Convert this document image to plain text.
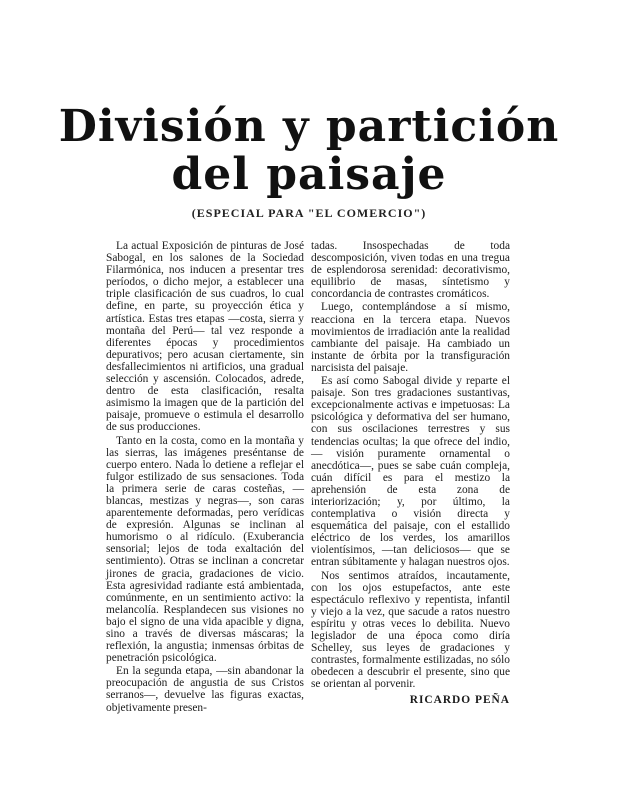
División y partición
del paisaje
(ESPECIAL PARA "EL COMERCIO")

La actual Exposición de pinturas de José Sabogal, en los salones de la Sociedad Filarmónica, nos inducen a presentar tres períodos, o dicho mejor, a establecer una triple clasificación de sus cuadros, lo cual define, en parte, su proyección ética y artística. Estas tres etapas —costa, sierra y montaña del Perú— tal vez responde a diferentes épocas y procedimientos depurativos; pero acusan ciertamente, sin desfallecimientos ni artificios, una gradual selección y ascensión. Colocados, adrede, dentro de esta clasificación, resalta asimismo la imagen que de la partición del paisaje, promueve o estimula el desarrollo de sus producciones.

Tanto en la costa, como en la montaña y las sierras, las imágenes preséntanse de cuerpo entero. Nada lo detiene a reflejar el fulgor estilizado de sus sensaciones. Toda la primera serie de caras costeñas, —blancas, mestizas y negras—, son caras aparentemente deformadas, pero verídicas de expresión. Algunas se inclinan al humorismo o al ridículo. (Exuberancia sensorial; lejos de toda exaltación del sentimiento). Otras se inclinan a concretar jirones de gracia, gradaciones de vicio. Esta agresividad radiante está ambientada, comúnmente, en un sentimiento activo: la melancolía. Resplandecen sus visiones no bajo el signo de una vida apacible y digna, sino a través de diversas máscaras; la reflexión, la angustia; inmensas órbitas de penetración psicológica.

En la segunda etapa, —sin abandonar la preocupación de angustia de sus Cristos serranos—, devuelve las figuras exactas, objetivamente presen-

tadas. Insospechadas de toda descomposición, viven todas en una tregua de esplendorosa serenidad: decorativismo, equilibrio de masas, síntetismo y concordancia de contrastes cromáticos.

Luego, contemplándose a sí mismo, reacciona en la tercera etapa. Nuevos movimientos de irradiación ante la realidad cambiante del paisaje. Ha cambiado un instante de órbita por la transfiguración narcisista del paisaje.

Es así como Sabogal divide y reparte el paisaje. Son tres gradaciones sustantivas, excepcionalmente activas e impetuosas: La psicológica y deformativa del ser humano, con sus oscilaciones terrestres y sus tendencias ocultas; la que ofrece del indio, — visión puramente ornamental o anecdótica—, pues se sabe cuán compleja, cuán difícil es para el mestizo la aprehensión de esta zona de interiorización; y, por último, la contemplativa o visión directa y esquemática del paisaje, con el estallido eléctrico de los verdes, los amarillos violentísimos, —tan deliciosos— que se entran súbitamente y halagan nuestros ojos.

Nos sentimos atraídos, incautamente, con los ojos estupefactos, ante este espectáculo reflexivo y repentista, infantil y viejo a la vez, que sacude a ratos nuestro espíritu y otras veces lo debilita. Nuevo legislador de una época como diría Schelley, sus leyes de gradaciones y contrastes, formalmente estilizadas, no sólo obedecen a descubrir el presente, sino que se orientan al porvenir.

RICARDO PEÑA
